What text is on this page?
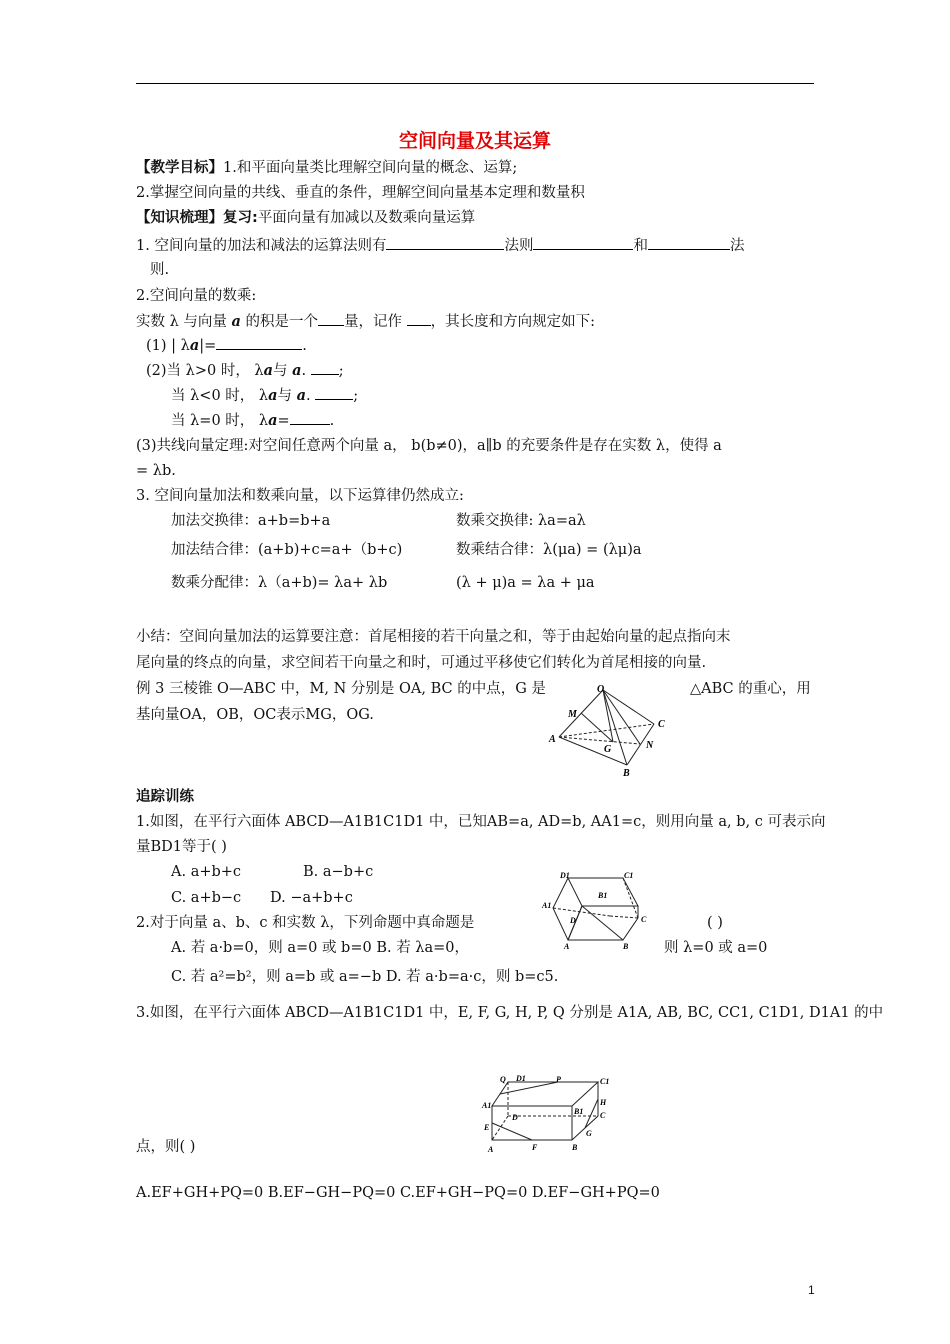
空间向量及其运算
【教学目标】1.和平面向量类比理解空间向量的概念、运算;
2.掌握空间向量的共线、垂直的条件，理解空间向量基本定理和数量积
【知识梳理】复习:平面向量有加减以及数乘向量运算
1. 空间向量的加法和减法的运算法则有	法则	和	法
则.
2.空间向量的数乘:
实数 λ 与向量 a 的积是一个 量，记作 ，其长度和方向规定如下:
(1) | λa|=	.
(2)当 λ>0 时， λa与 a. ;
当 λ<0 时， λa与 a.	;
当 λ=0 时， λa=	.
(3)共线向量定理:对空间任意两个向量 a， b(b≠0)，a∥b 的充要条件是存在实数 λ，使得 a
= λb.
3. 空间向量加法和数乘向量，以下运算律仍然成立:
加法交换律：a+b=b+a	数乘交换律: λa=aλ
加法结合律：(a+b)+c=a+（b+c)	数乘结合律：λ(μa) = (λμ)a
数乘分配律：λ（a+b)= λa+ λb	(λ + μ)a = λa + μa
小结：空间向量加法的运算要注意：首尾相接的若干向量之和，等于由起始向量的起点指向末
尾向量的终点的向量，求空间若干向量之和时，可通过平移使它们转化为首尾相接的向量.
例 3 三棱锥 O—ABC 中，M, N 分别是 OA, BC 的中点，G 是	△ABC 的重心，用
基向量OA，OB，OC表示MG，OG.
O
M
C
A
G	N
B
追踪训练
1.如图，在平行六面体 ABCD—A1B1C1D1 中，已知AB=a, AD=b, AA1=c，则用向量 a, b, c 可表示向
量BD1等于( )
A. a+b+c	B. a−b+c
C. a+b−c D. −a+b+c
D1	C1
B1
A1
D	C
A	B
2.对于向量 a、b、c 和实数 λ，下列命题中真命题是	( )
A. 若 a·b=0，则 a=0 或 b=0 B. 若 λa=0，	则 λ=0 或 a=0
C. 若 a²=b²，则 a=b 或 a=−b D. 若 a·b=a·c，则 b=c5.
3.如图，在平行六面体 ABCD—A1B1C1D1 中，E, F, G, H, P, Q 分别是 A1A, AB, BC, CC1, C1D1, D1A1 的中
Q D1	P	C1
A1
D
B1
H
C
E
G
A	F	B
点，则( )
A.EF+GH+PQ=0 B.EF−GH−PQ=0 C.EF+GH−PQ=0 D.EF−GH+PQ=0
1
